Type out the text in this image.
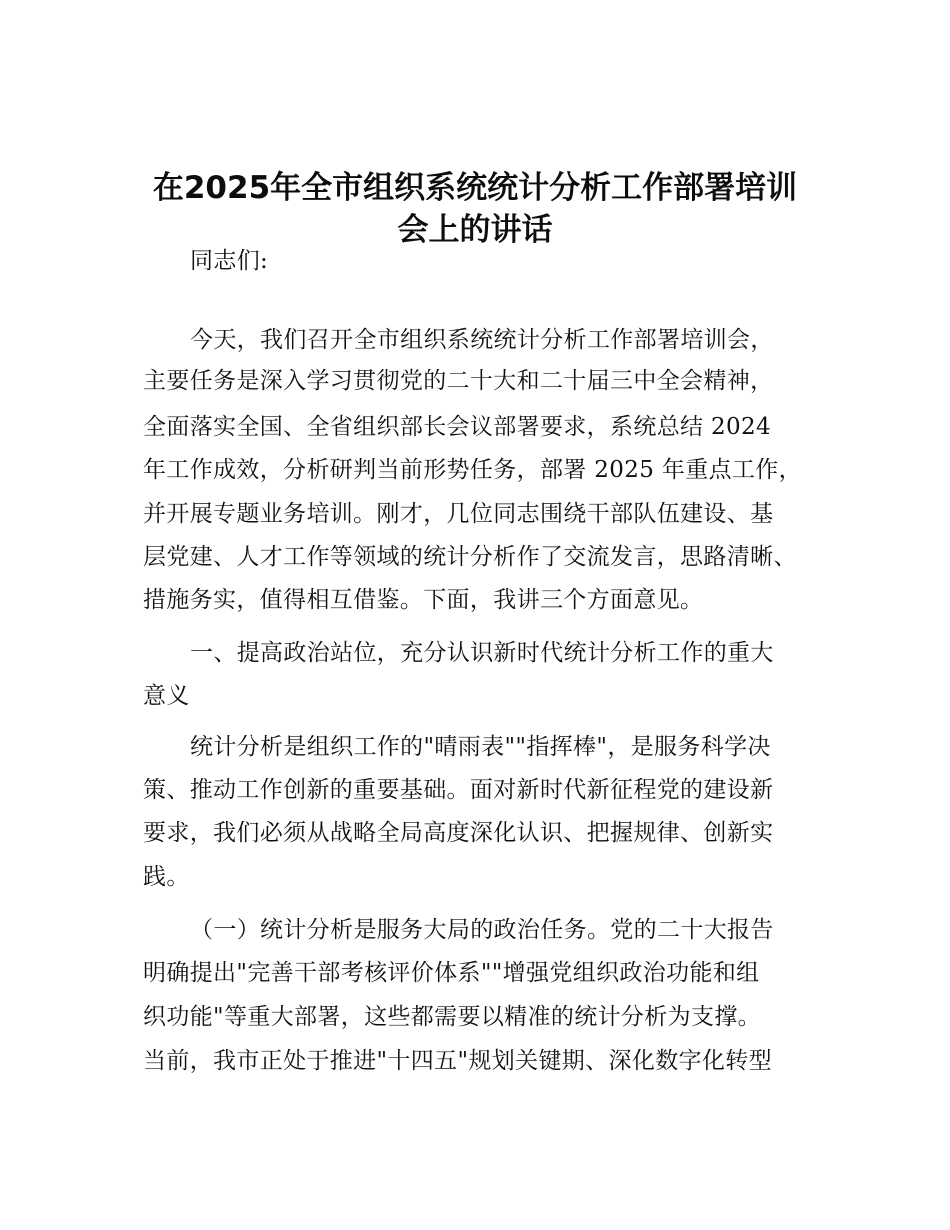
在2025年全市组织系统统计分析工作部署培训
会上的讲话
同志们:
今天，我们召开全市组织系统统计分析工作部署培训会，
主要任务是深入学习贯彻党的二十大和二十届三中全会精神，
全面落实全国、全省组织部长会议部署要求，系统总结 2024
年工作成效，分析研判当前形势任务，部署 2025 年重点工作，
并开展专题业务培训。刚才，几位同志围绕干部队伍建设、基
层党建、人才工作等领域的统计分析作了交流发言，思路清晰、
措施务实，值得相互借鉴。下面，我讲三个方面意见。
一、提高政治站位，充分认识新时代统计分析工作的重大
意义
统计分析是组织工作的"晴雨表""指挥棒"，是服务科学决
策、推动工作创新的重要基础。面对新时代新征程党的建设新
要求，我们必须从战略全局高度深化认识、把握规律、创新实
践。
（一）统计分析是服务大局的政治任务。党的二十大报告
明确提出"完善干部考核评价体系""增强党组织政治功能和组
织功能"等重大部署，这些都需要以精准的统计分析为支撑。
当前，我市正处于推进"十四五"规划关键期、深化数字化转型
